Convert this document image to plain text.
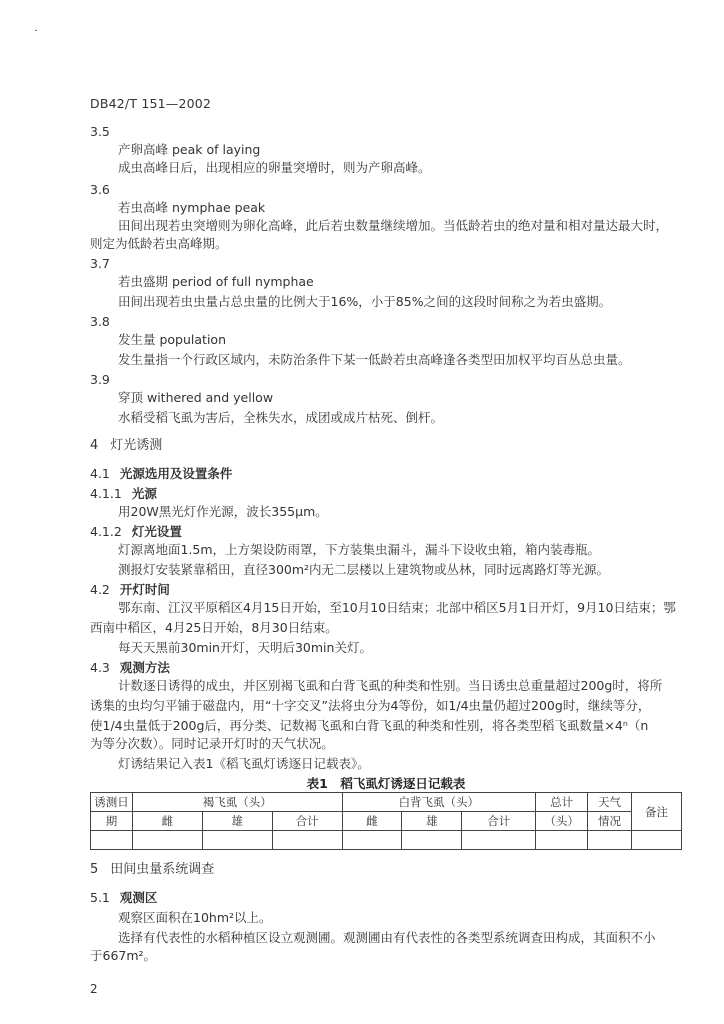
˙
DB42/T 151—2002
3.5
产卵高峰 peak of laying
成虫高峰日后，出现相应的卵量突增时，则为产卵高峰。
3.6
若虫高峰 nymphae peak
田间出现若虫突增则为卵化高峰，此后若虫数量继续增加。当低龄若虫的绝对量和相对量达最大时，
则定为低龄若虫高峰期。
3.7
若虫盛期 period of full nymphae
田间出现若虫虫量占总虫量的比例大于16%，小于85%之间的这段时间称之为若虫盛期。
3.8
发生量 population
发生量指一个行政区域内，未防治条件下某一低龄若虫高峰逢各类型田加权平均百丛总虫量。
3.9
穿顶 withered and yellow
水稻受稻飞虱为害后，全株失水，成团或成片枯死、倒杆。
4 灯光诱测
4.1 光源选用及设置条件
4.1.1 光源
用20W黑光灯作光源，波长355μm。
4.1.2 灯光设置
灯源离地面1.5m，上方架设防雨罩，下方装集虫漏斗，漏斗下设收虫箱，箱内装毒瓶。
测报灯安装紧靠稻田，直径300m²内无二层楼以上建筑物或丛林，同时远离路灯等光源。
4.2 开灯时间
鄂东南、江汉平原稻区4月15日开始，至10月10日结束；北部中稻区5月1日开灯，9月10日结束；鄂
西南中稻区，4月25日开始，8月30日结束。
每天天黑前30min开灯，天明后30min关灯。
4.3 观测方法
计数逐日诱得的成虫，并区别褐飞虱和白背飞虱的种类和性别。当日诱虫总重量超过200g时，将所
诱集的虫均匀平铺于磁盘内，用“十字交叉”法将虫分为4等份，如1/4虫量仍超过200g时，继续等分，
使1/4虫量低于200g后，再分类、记数褐飞虱和白背飞虱的种类和性别，将各类型稻飞虱数量×4ⁿ（n
为等分次数）。同时记录开灯时的天气状况。
灯诱结果记入表1《稻飞虱灯诱逐日记载表》。
表1　稻飞虱灯诱逐日记载表
诱测日	褐飞虱（头）			白背飞虱（头）			总计	天气	备注
期	雌	雄	合计	雌	雄	合计	（头）	情况	

5 田间虫量系统调查
5.1 观测区
观察区面积在10hm²以上。
选择有代表性的水稻种植区设立观测圃。观测圃由有代表性的各类型系统调查田构成，其面积不小
于667m²。
2
